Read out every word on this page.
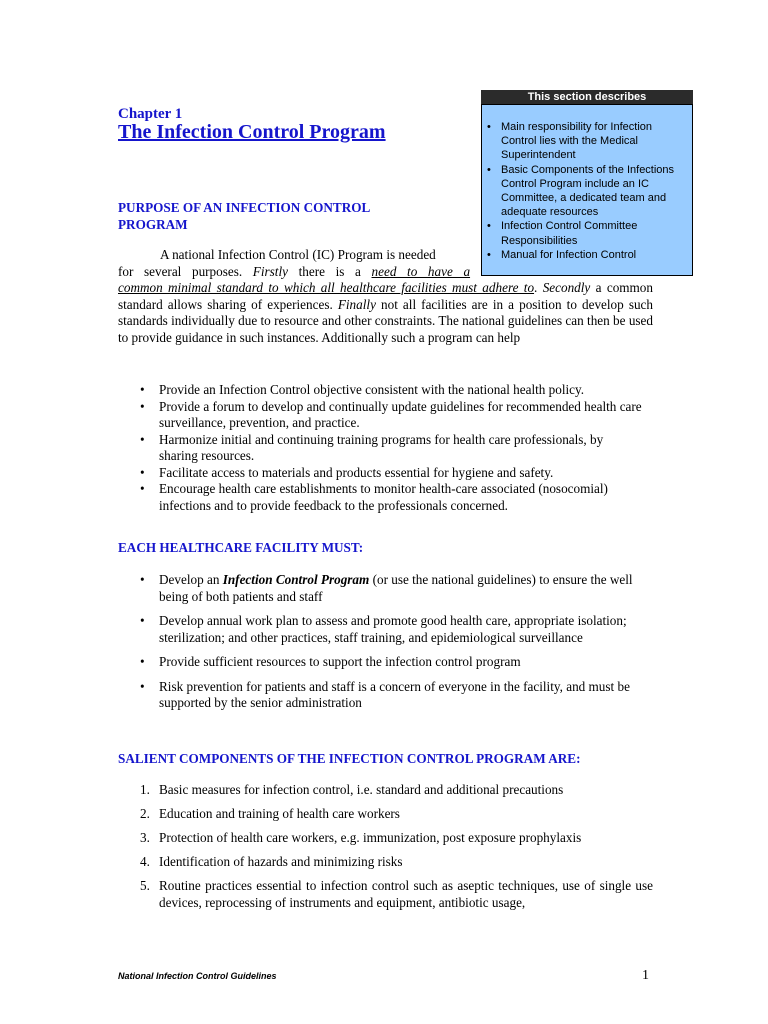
Chapter 1
The Infection Control Program
This section describes
• Main responsibility for Infection Control lies with the Medical Superintendent
• Basic Components of the Infections Control Program include an IC Committee, a dedicated team and adequate resources
• Infection Control Committee Responsibilities
• Manual for Infection Control
PURPOSE OF AN INFECTION CONTROL
PROGRAM

A national Infection Control (IC) Program is needed

for several purposes. Firstly there is a need to have a

common minimal standard to which all healthcare facilities must adhere to. Secondly a common standard allows sharing of experiences. Finally not all facilities are in a position to develop such standards individually due to resource and other constraints. The national guidelines can then be used to provide guidance in such instances. Additionally such a program can help

• Provide an Infection Control objective consistent with the national health policy.
• Provide a forum to develop and continually update guidelines for recommended health care surveillance, prevention, and practice.
• Harmonize initial and continuing training programs for health care professionals, by sharing resources.
• Facilitate access to materials and products essential for hygiene and safety.
• Encourage health care establishments to monitor health-care associated (nosocomial) infections and to provide feedback to the professionals concerned.
EACH HEALTHCARE FACILITY MUST:
• Develop an Infection Control Program (or use the national guidelines) to ensure the well being of both patients and staff
• Develop annual work plan to assess and promote good health care, appropriate isolation; sterilization; and other practices, staff training, and epidemiological surveillance
• Provide sufficient resources to support the infection control program
• Risk prevention for patients and staff is a concern of everyone in the facility, and must be supported by the senior administration
SALIENT COMPONENTS OF THE INFECTION CONTROL PROGRAM ARE:
1. Basic measures for infection control, i.e. standard and additional precautions
2. Education and training of health care workers
3. Protection of health care workers, e.g. immunization, post exposure prophylaxis
4. Identification of hazards and minimizing risks
5. Routine practices essential to infection control such as aseptic techniques, use of single use devices, reprocessing of instruments and equipment, antibiotic usage,
National Infection Control Guidelines	1
